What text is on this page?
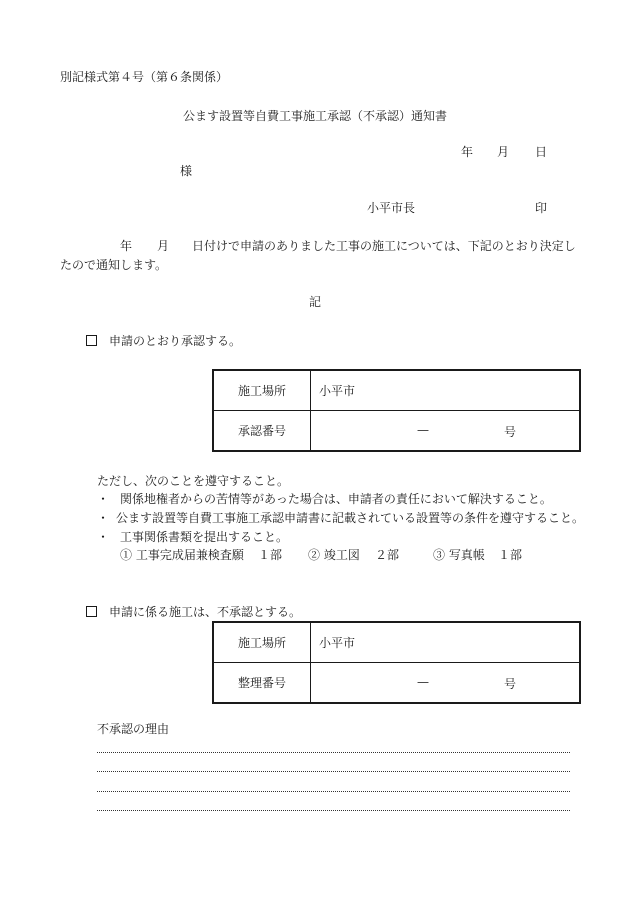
別記様式第４号（第６条関係）
公ます設置等自費工事施工承認（不承認）通知書
年 月 日
様
小平市長	印
年 月 日付けで申請のありました工事の施工については、下記のとおり決定し
たので通知します。
記
申請のとおり承認する。
施工場所	小平市
承認番号	— 号
ただし、次のことを遵守すること。
・ 関係地権者からの苦情等があった場合は、申請者の責任において解決すること。
・ 公ます設置等自費工事施工承認申請書に記載されている設置等の条件を遵守すること。
・ 工事関係書類を提出すること。
① 工事完成届兼検査願 １部 ② 竣工図 ２部	③ 写真帳 １部
申請に係る施工は、不承認とする。
施工場所	小平市
整理番号	— 号
不承認の理由
